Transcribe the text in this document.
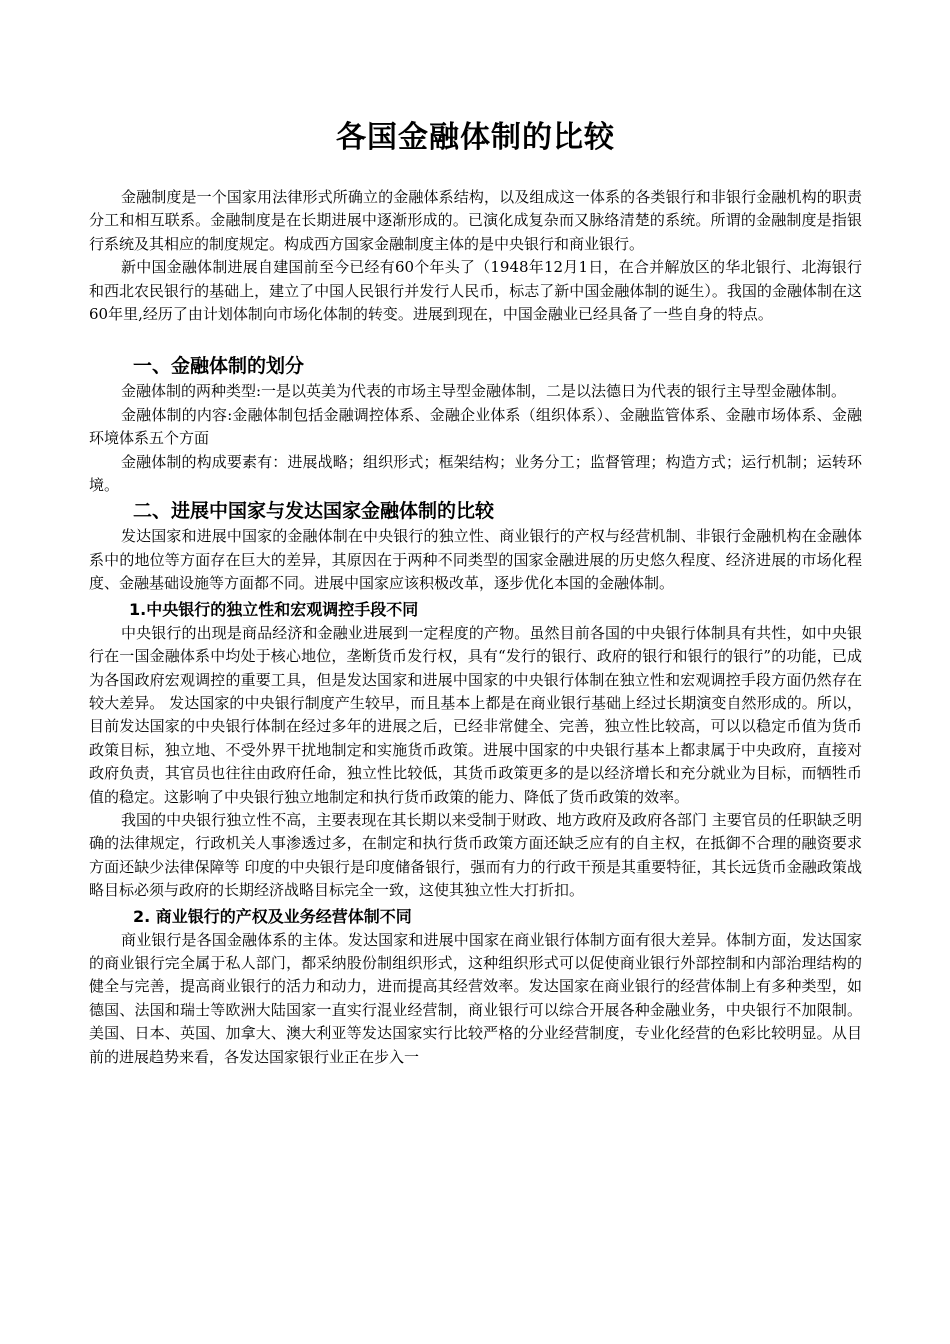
各国金融体制的比较

金融制度是一个国家用法律形式所确立的金融体系结构，以及组成这一体系的各类银行和非银行金融机构的职责分工和相互联系。金融制度是在长期进展中逐渐形成的。已演化成复杂而又脉络清楚的系统。所谓的金融制度是指银行系统及其相应的制度规定。构成西方国家金融制度主体的是中央银行和商业银行。

新中国金融体制进展自建国前至今已经有60个年头了（1948年12月1日，在合并解放区的华北银行、北海银行和西北农民银行的基础上，建立了中国人民银行并发行人民币，标志了新中国金融体制的诞生）。我国的金融体制在这60年里,经历了由计划体制向市场化体制的转变。进展到现在，中国金融业已经具备了一些自身的特点。

一、金融体制的划分

金融体制的两种类型:一是以英美为代表的市场主导型金融体制，二是以法德日为代表的银行主导型金融体制。

金融体制的内容:金融体制包括金融调控体系、金融企业体系（组织体系）、金融监管体系、金融市场体系、金融环境体系五个方面

金融体制的构成要素有：进展战略；组织形式；框架结构；业务分工；监督管理；构造方式；运行机制；运转环境。

二、进展中国家与发达国家金融体制的比较

发达国家和进展中国家的金融体制在中央银行的独立性、商业银行的产权与经营机制、非银行金融机构在金融体系中的地位等方面存在巨大的差异，其原因在于两种不同类型的国家金融进展的历史悠久程度、经济进展的市场化程度、金融基础设施等方面都不同。进展中国家应该积极改革，逐步优化本国的金融体制。

1.中央银行的独立性和宏观调控手段不同

中央银行的出现是商品经济和金融业进展到一定程度的产物。虽然目前各国的中央银行体制具有共性，如中央银行在一国金融体系中均处于核心地位，垄断货币发行权，具有“发行的银行、政府的银行和银行的银行”的功能，已成为各国政府宏观调控的重要工具，但是发达国家和进展中国家的中央银行体制在独立性和宏观调控手段方面仍然存在较大差异。 发达国家的中央银行制度产生较早，而且基本上都是在商业银行基础上经过长期演变自然形成的。所以，目前发达国家的中央银行体制在经过多年的进展之后，已经非常健全、完善，独立性比较高，可以以稳定币值为货币政策目标，独立地、不受外界干扰地制定和实施货币政策。进展中国家的中央银行基本上都隶属于中央政府，直接对政府负责，其官员也往往由政府任命，独立性比较低，其货币政策更多的是以经济增长和充分就业为目标，而牺牲币值的稳定。这影响了中央银行独立地制定和执行货币政策的能力、降低了货币政策的效率。

我国的中央银行独立性不高，主要表现在其长期以来受制于财政、地方政府及政府各部门 主要官员的任职缺乏明确的法律规定，行政机关人事渗透过多，在制定和执行货币政策方面还缺乏应有的自主权，在抵御不合理的融资要求方面还缺少法律保障等 印度的中央银行是印度储备银行，强而有力的行政干预是其重要特征，其长远货币金融政策战略目标必须与政府的长期经济战略目标完全一致，这使其独立性大打折扣。

2. 商业银行的产权及业务经营体制不同

商业银行是各国金融体系的主体。发达国家和进展中国家在商业银行体制方面有很大差异。体制方面，发达国家的商业银行完全属于私人部门，都采纳股份制组织形式，这种组织形式可以促使商业银行外部控制和内部治理结构的健全与完善，提高商业银行的活力和动力，进而提高其经营效率。发达国家在商业银行的经营体制上有多种类型，如德国、法国和瑞士等欧洲大陆国家一直实行混业经营制，商业银行可以综合开展各种金融业务，中央银行不加限制。美国、日本、英国、加拿大、澳大利亚等发达国家实行比较严格的分业经营制度，专业化经营的色彩比较明显。从目前的进展趋势来看，各发达国家银行业正在步入一
